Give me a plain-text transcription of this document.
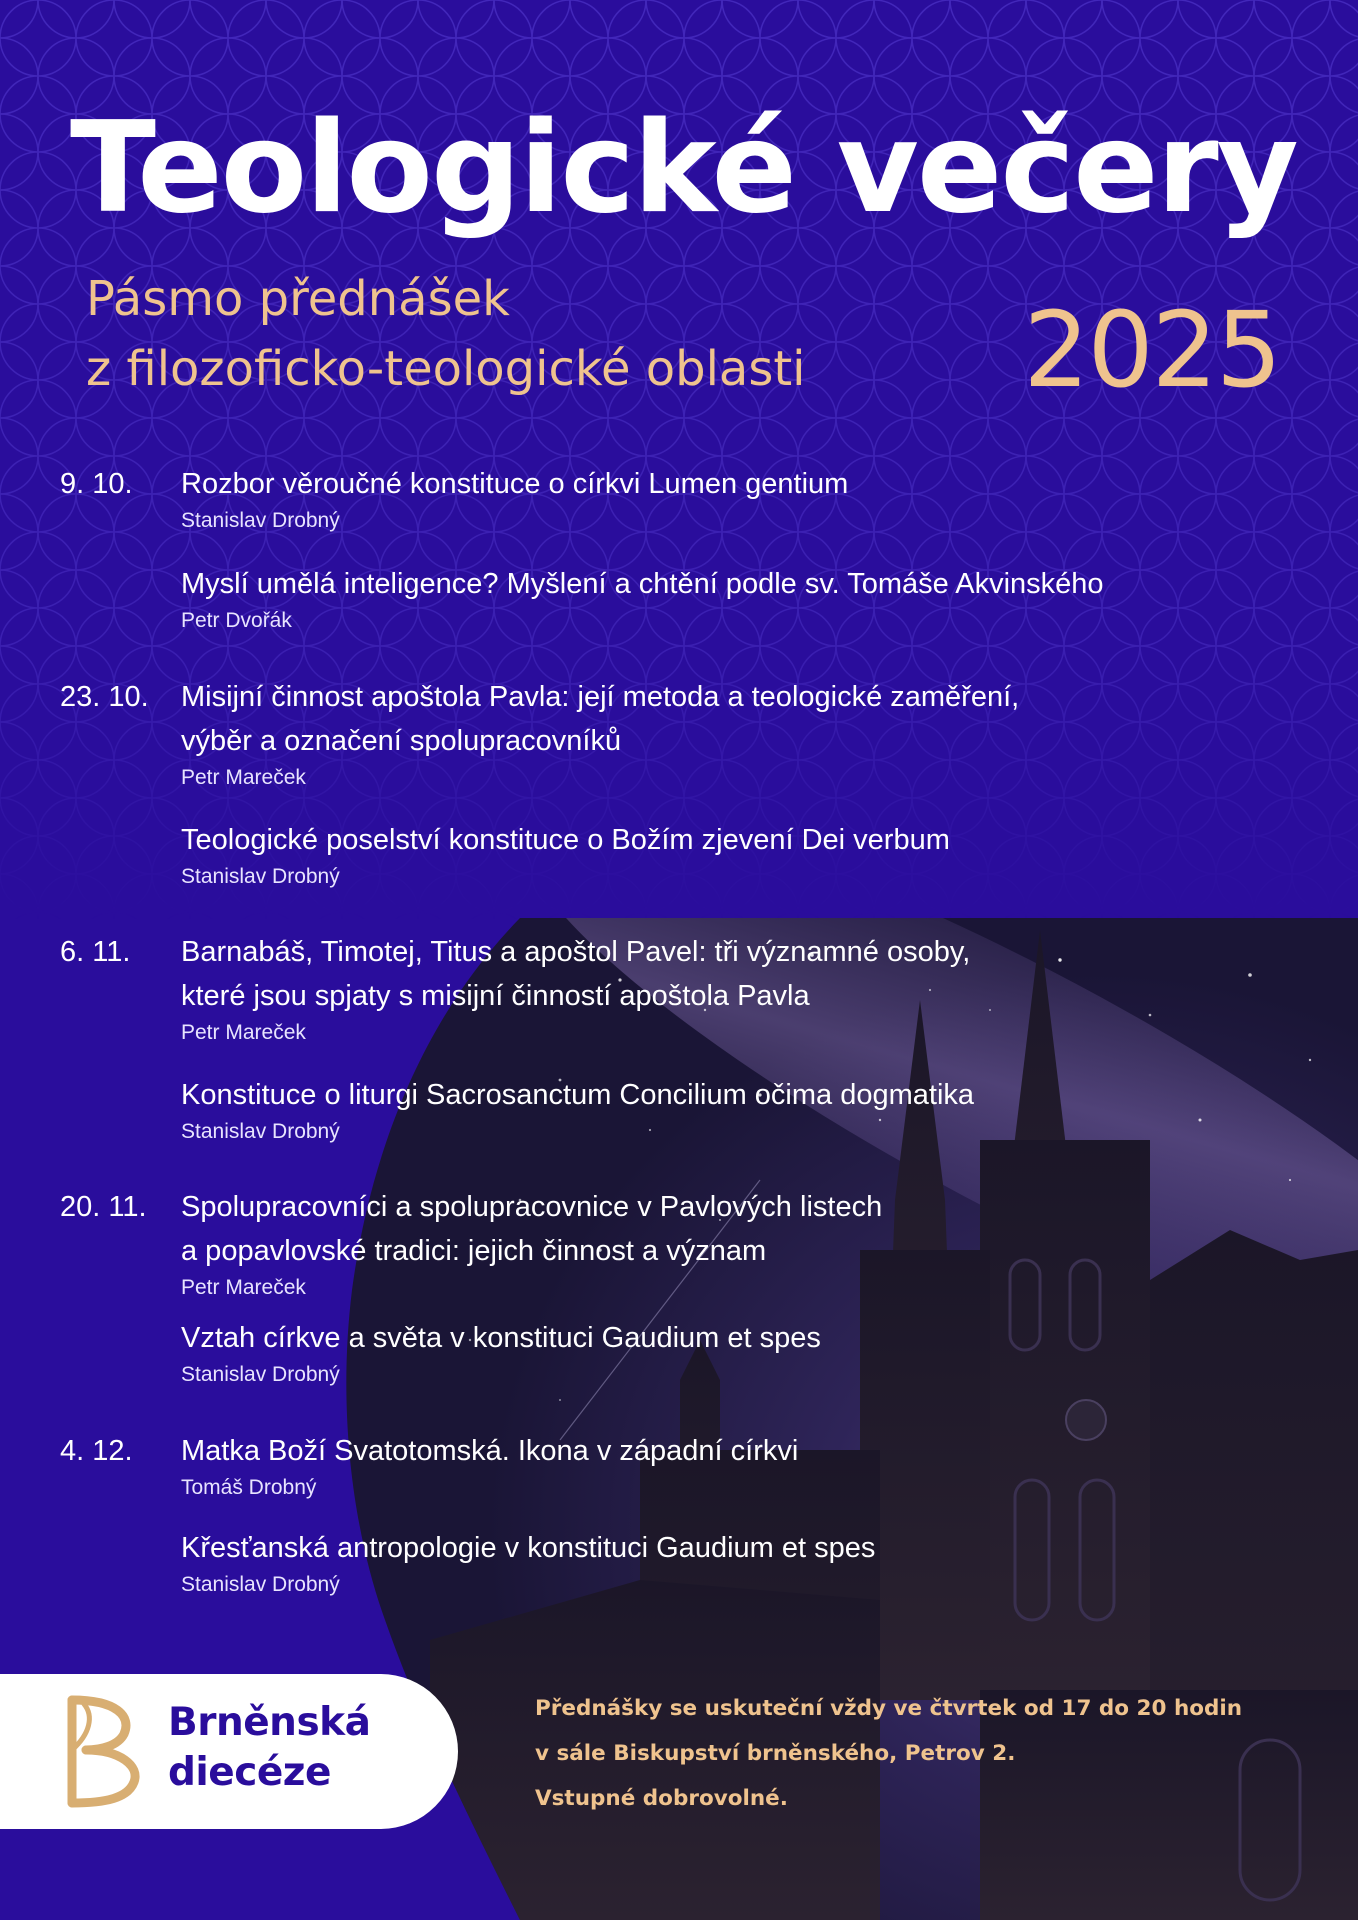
Teologické večery
Pásmo přednášek
z filozoficko-teologické oblasti	2025
9. 10.	Rozbor věroučné konstituce o církvi Lumen gentium
Stanislav Drobný
Myslí umělá inteligence? Myšlení a chtění podle sv. Tomáše Akvinského
Petr Dvořák
23. 10.	Misijní činnost apoštola Pavla: její metoda a teologické zaměření,
výběr a označení spolupracovníků
Petr Mareček
Teologické poselství konstituce o Božím zjevení Dei verbum
Stanislav Drobný
6. 11.	Barnabáš, Timotej, Titus a apoštol Pavel: tři významné osoby,
které jsou spjaty s misijní činností apoštola Pavla
Petr Mareček
Konstituce o liturgi Sacrosanctum Concilium očima dogmatika
Stanislav Drobný
20. 11.	Spolupracovníci a spolupracovnice v Pavlových listech
a popavlovské tradici: jejich činnost a význam
Petr Mareček
Vztah církve a světa v konstituci Gaudium et spes
Stanislav Drobný
4. 12.	Matka Boží Svatotomská. Ikona v západní církvi
Tomáš Drobný
Křesťanská antropologie v konstituci Gaudium et spes
Stanislav Drobný
Brněnská
diecéze
Přednášky se uskuteční vždy ve čtvrtek od 17 do 20 hodin
v sále Biskupství brněnského, Petrov 2.
Vstupné dobrovolné.
